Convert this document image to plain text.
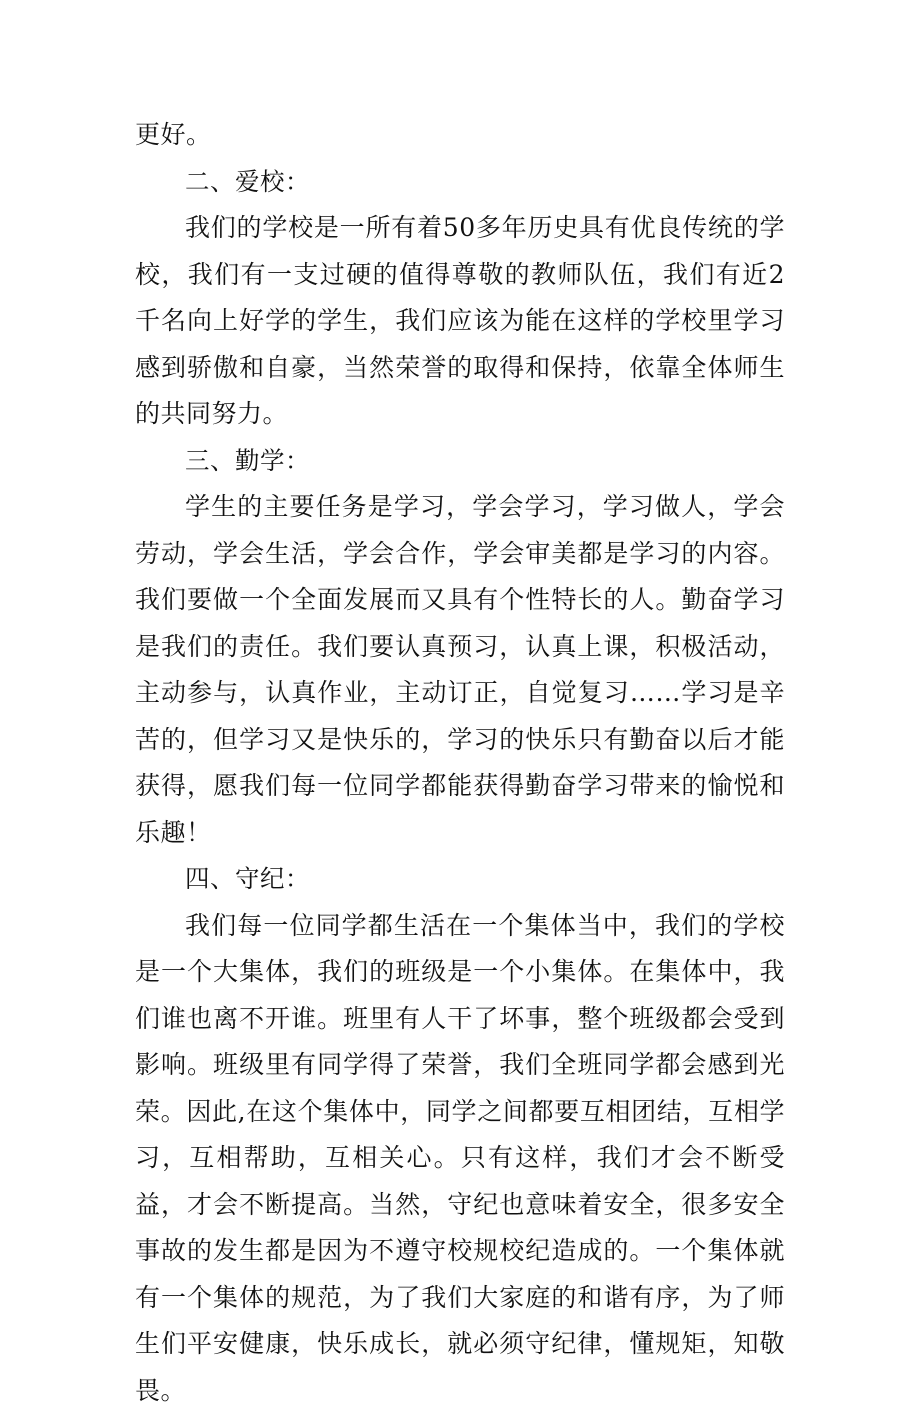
更好。

二、爱校：

我们的学校是一所有着50多年历史具有优良传统的学校，我们有一支过硬的值得尊敬的教师队伍，我们有近2千名向上好学的学生，我们应该为能在这样的学校里学习感到骄傲和自豪，当然荣誉的取得和保持，依靠全体师生的共同努力。

三、勤学：

学生的主要任务是学习，学会学习，学习做人，学会劳动，学会生活，学会合作，学会审美都是学习的内容。我们要做一个全面发展而又具有个性特长的人。勤奋学习是我们的责任。我们要认真预习，认真上课，积极活动，主动参与，认真作业，主动订正，自觉复习……学习是辛苦的，但学习又是快乐的，学习的快乐只有勤奋以后才能获得，愿我们每一位同学都能获得勤奋学习带来的愉悦和乐趣！

四、守纪：

我们每一位同学都生活在一个集体当中，我们的学校是一个大集体，我们的班级是一个小集体。在集体中，我们谁也离不开谁。班里有人干了坏事，整个班级都会受到影响。班级里有同学得了荣誉，我们全班同学都会感到光荣。因此,在这个集体中，同学之间都要互相团结，互相学习，互相帮助，互相关心。只有这样，我们才会不断受益，才会不断提高。当然，守纪也意味着安全，很多安全事故的发生都是因为不遵守校规校纪造成的。一个集体就有一个集体的规范，为了我们大家庭的和谐有序，为了师生们平安健康，快乐成长，就必须守纪律，懂规矩，知敬畏。
